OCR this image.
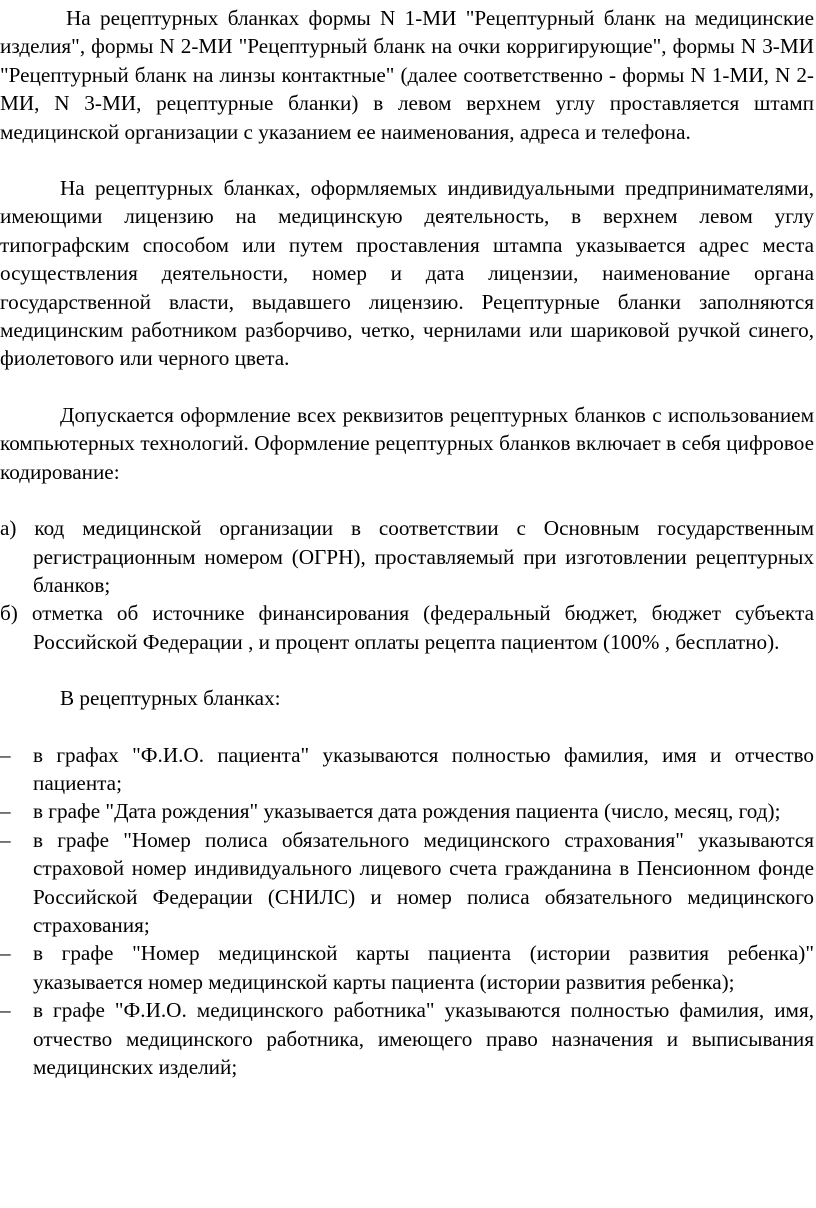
На рецептурных бланках формы N 1-МИ "Рецептурный бланк на медицинские изделия", формы N 2-МИ "Рецептурный бланк на очки корригирующие", формы N 3-МИ "Рецептурный бланк на линзы контактные" (далее соответственно - формы N 1-МИ, N 2-МИ, N 3-МИ, рецептурные бланки) в левом верхнем углу проставляется штамп медицинской организации с указанием ее наименования, адреса и телефона.

На рецептурных бланках, оформляемых индивидуальными предпринимателями, имеющими лицензию на медицинскую деятельность, в верхнем левом углу типографским способом или путем проставления штампа указывается адрес места осуществления деятельности, номер и дата лицензии, наименование органа государственной власти, выдавшего лицензию. Рецептурные бланки заполняются медицинским работником разборчиво, четко, чернилами или шариковой ручкой синего, фиолетового или черного цвета.

Допускается оформление всех реквизитов рецептурных бланков с использованием компьютерных технологий. Оформление рецептурных бланков включает в себя цифровое кодирование:

а) код медицинской организации в соответствии с Основным государственным регистрационным номером (ОГРН), проставляемый при изготовлении рецептурных бланков;
б) отметка об источнике финансирования (федеральный бюджет, бюджет субъекта Российской Федерации , и процент оплаты рецепта пациентом (100% , бесплатно).

В рецептурных бланках:

– в графах "Ф.И.О. пациента" указываются полностью фамилия, имя и отчество пациента;
– в графе "Дата рождения" указывается дата рождения пациента (число, месяц, год);
– в графе "Номер полиса обязательного медицинского страхования" указываются страховой номер индивидуального лицевого счета гражданина в Пенсионном фонде Российской Федерации (СНИЛС) и номер полиса обязательного медицинского страхования;
– в графе "Номер медицинской карты пациента (истории развития ребенка)" указывается номер медицинской карты пациента (истории развития ребенка);
– в графе "Ф.И.О. медицинского работника" указываются полностью фамилия, имя, отчество медицинского работника, имеющего право назначения и выписывания медицинских изделий;
